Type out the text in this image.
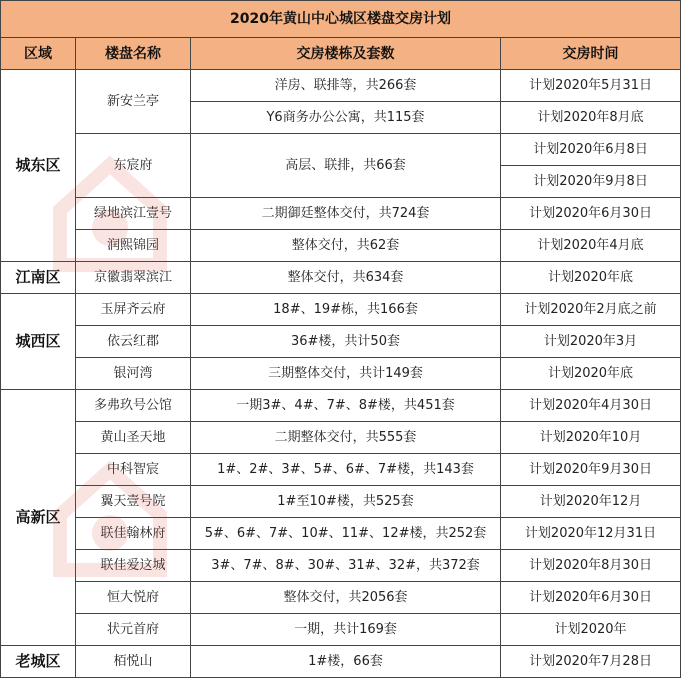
2020年黄山中心城区楼盘交房计划			
区域	楼盘名称	交房楼栋及套数	交房时间
城东区	新安兰亭	洋房、联排等，共266套	计划2020年5月31日
		Y6商务办公公寓，共115套	计划2020年8月底
	东宸府	高层、联排，共66套	计划2020年6月8日
			计划2020年9月8日
	绿地滨江壹号	二期御廷整体交付，共724套	计划2020年6月30日
	润熙锦园	整体交付，共62套	计划2020年4月底
江南区	京徽翡翠滨江	整体交付，共634套	计划2020年底
城西区	玉屏齐云府	18#、19#栋，共166套	计划2020年2月底之前
	依云红郡	36#楼，共计50套	计划2020年3月
	银河湾	三期整体交付，共计149套	计划2020年底
高新区	多弗玖号公馆	一期3#、4#、7#、8#楼，共451套	计划2020年4月30日
	黄山圣天地	二期整体交付，共555套	计划2020年10月
	中科智宸	1#、2#、3#、5#、6#、7#楼，共143套	计划2020年9月30日
	翼天壹号院	1#至10#楼，共525套	计划2020年12月
	联佳翰林府	5#、6#、7#、10#、11#、12#楼，共252套	计划2020年12月31日
	联佳爱这城	3#、7#、8#、30#、31#、32#，共372套	计划2020年8月30日
	恒大悦府	整体交付，共2056套	计划2020年6月30日
	状元首府	一期，共计169套	计划2020年
老城区	栢悦山	1#楼，66套	计划2020年7月28日
